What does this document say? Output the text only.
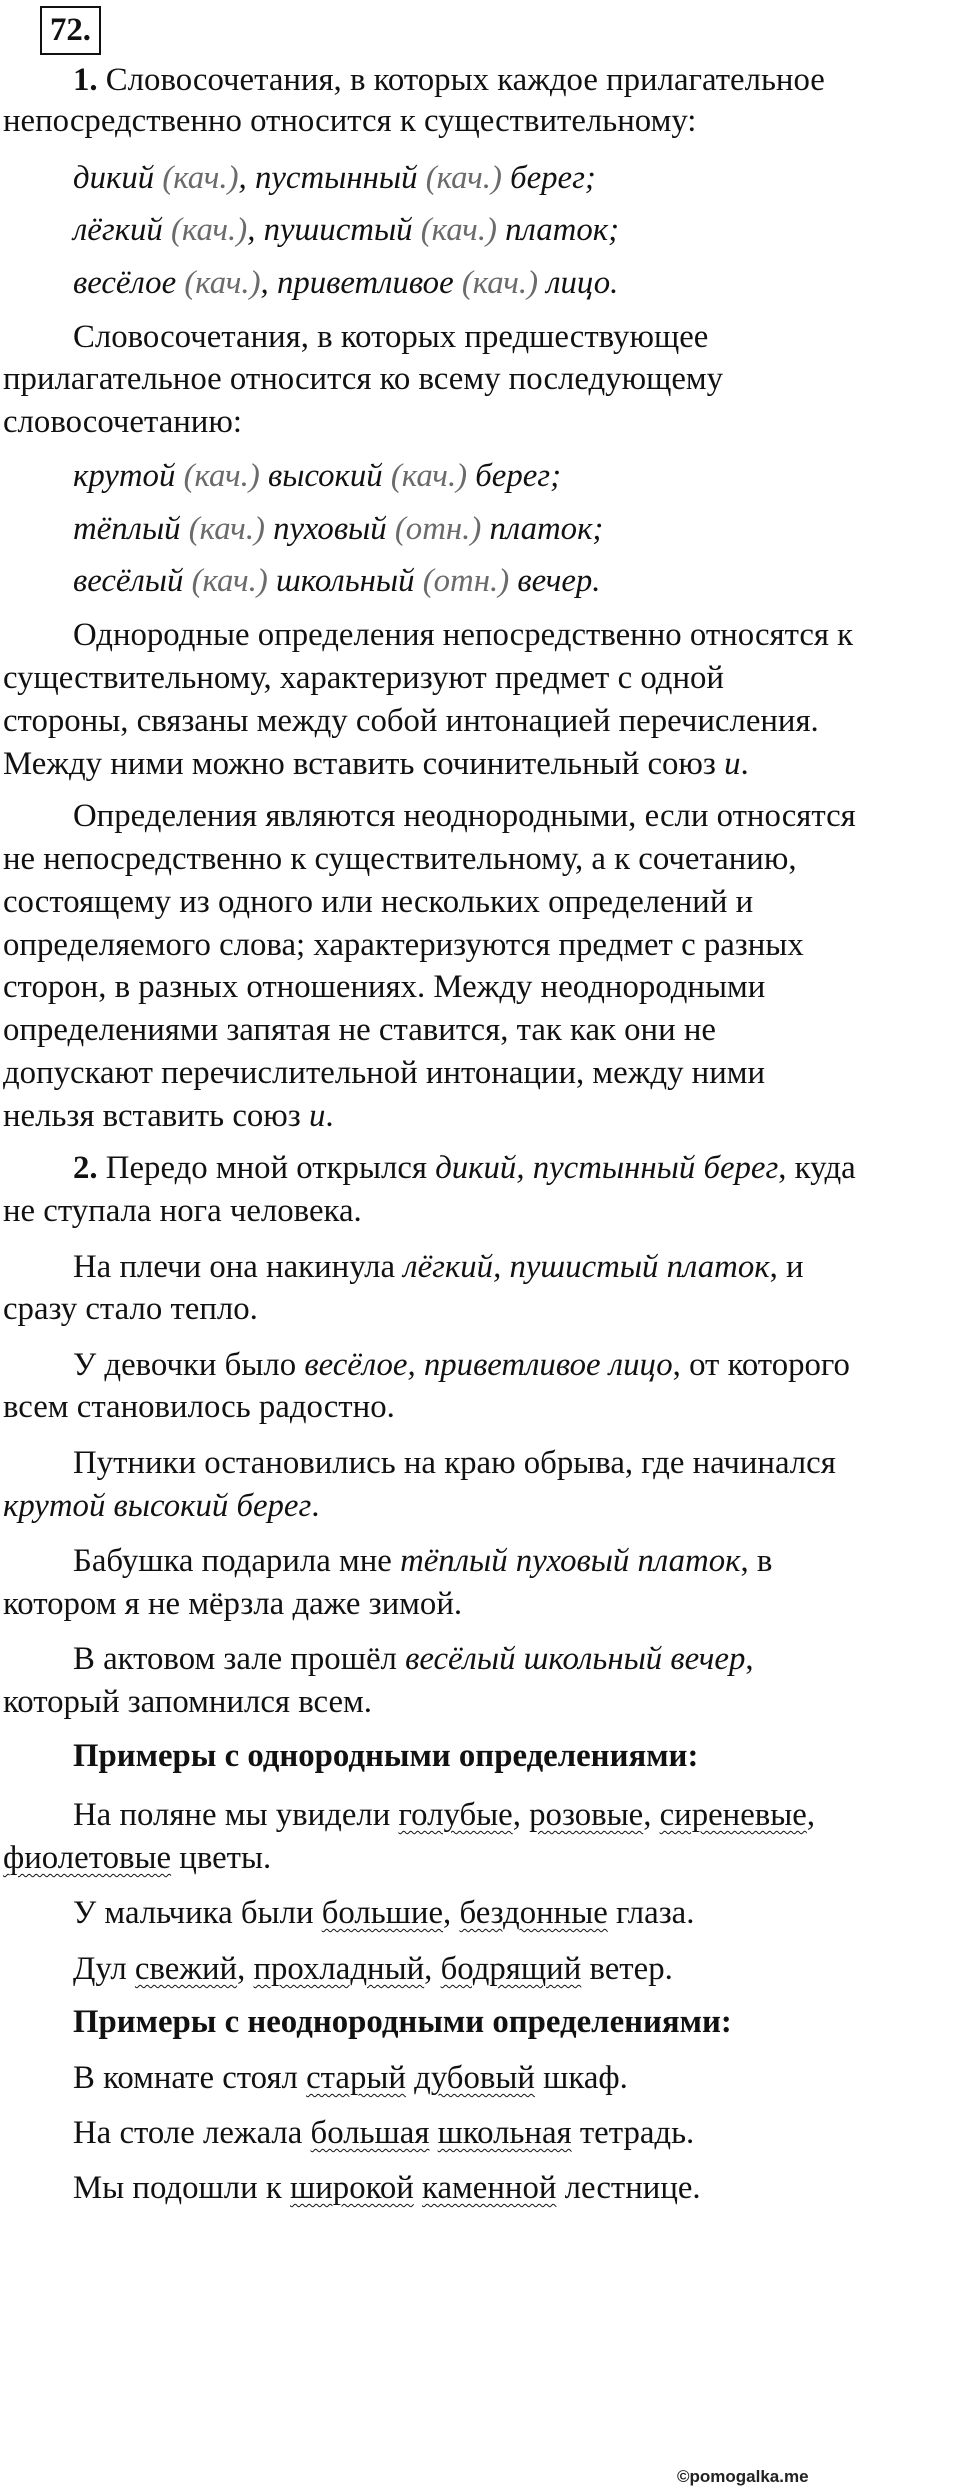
72.
1. Словосочетания, в которых каждое прилагательное
непосредственно относится к существительному:
дикий (кач.), пустынный (кач.) берег;
лёгкий (кач.), пушистый (кач.) платок;
весёлое (кач.), приветливое (кач.) лицо.
Словосочетания, в которых предшествующее
прилагательное относится ко всему последующему
словосочетанию:
крутой (кач.) высокий (кач.) берег;
тёплый (кач.) пуховый (отн.) платок;
весёлый (кач.) школьный (отн.) вечер.
Однородные определения непосредственно относятся к
существительному, характеризуют предмет с одной
стороны, связаны между собой интонацией перечисления.
Между ними можно вставить сочинительный союз и.
Определения являются неоднородными, если относятся
не непосредственно к существительному, а к сочетанию,
состоящему из одного или нескольких определений и
определяемого слова; характеризуются предмет с разных
сторон, в разных отношениях. Между неоднородными
определениями запятая не ставится, так как они не
допускают перечислительной интонации, между ними
нельзя вставить союз и.
2. Передо мной открылся дикий, пустынный берег, куда
не ступала нога человека.
На плечи она накинула лёгкий, пушистый платок, и
сразу стало тепло.
У девочки было весёлое, приветливое лицо, от которого
всем становилось радостно.
Путники остановились на краю обрыва, где начинался
крутой высокий берег.
Бабушка подарила мне тёплый пуховый платок, в
котором я не мёрзла даже зимой.
В актовом зале прошёл весёлый школьный вечер,
который запомнился всем.
Примеры с однородными определениями:
©pomogalka.me
На поляне мы увидели голубые, розовые, сиреневые,
фиолетовые цветы.
У мальчика были большие, бездонные глаза.
Дул свежий, прохладный, бодрящий ветер.
Примеры с неоднородными определениями:
В комнате стоял старый дубовый шкаф.
На столе лежала большая школьная тетрадь.
Мы подошли к широкой каменной лестнице.
